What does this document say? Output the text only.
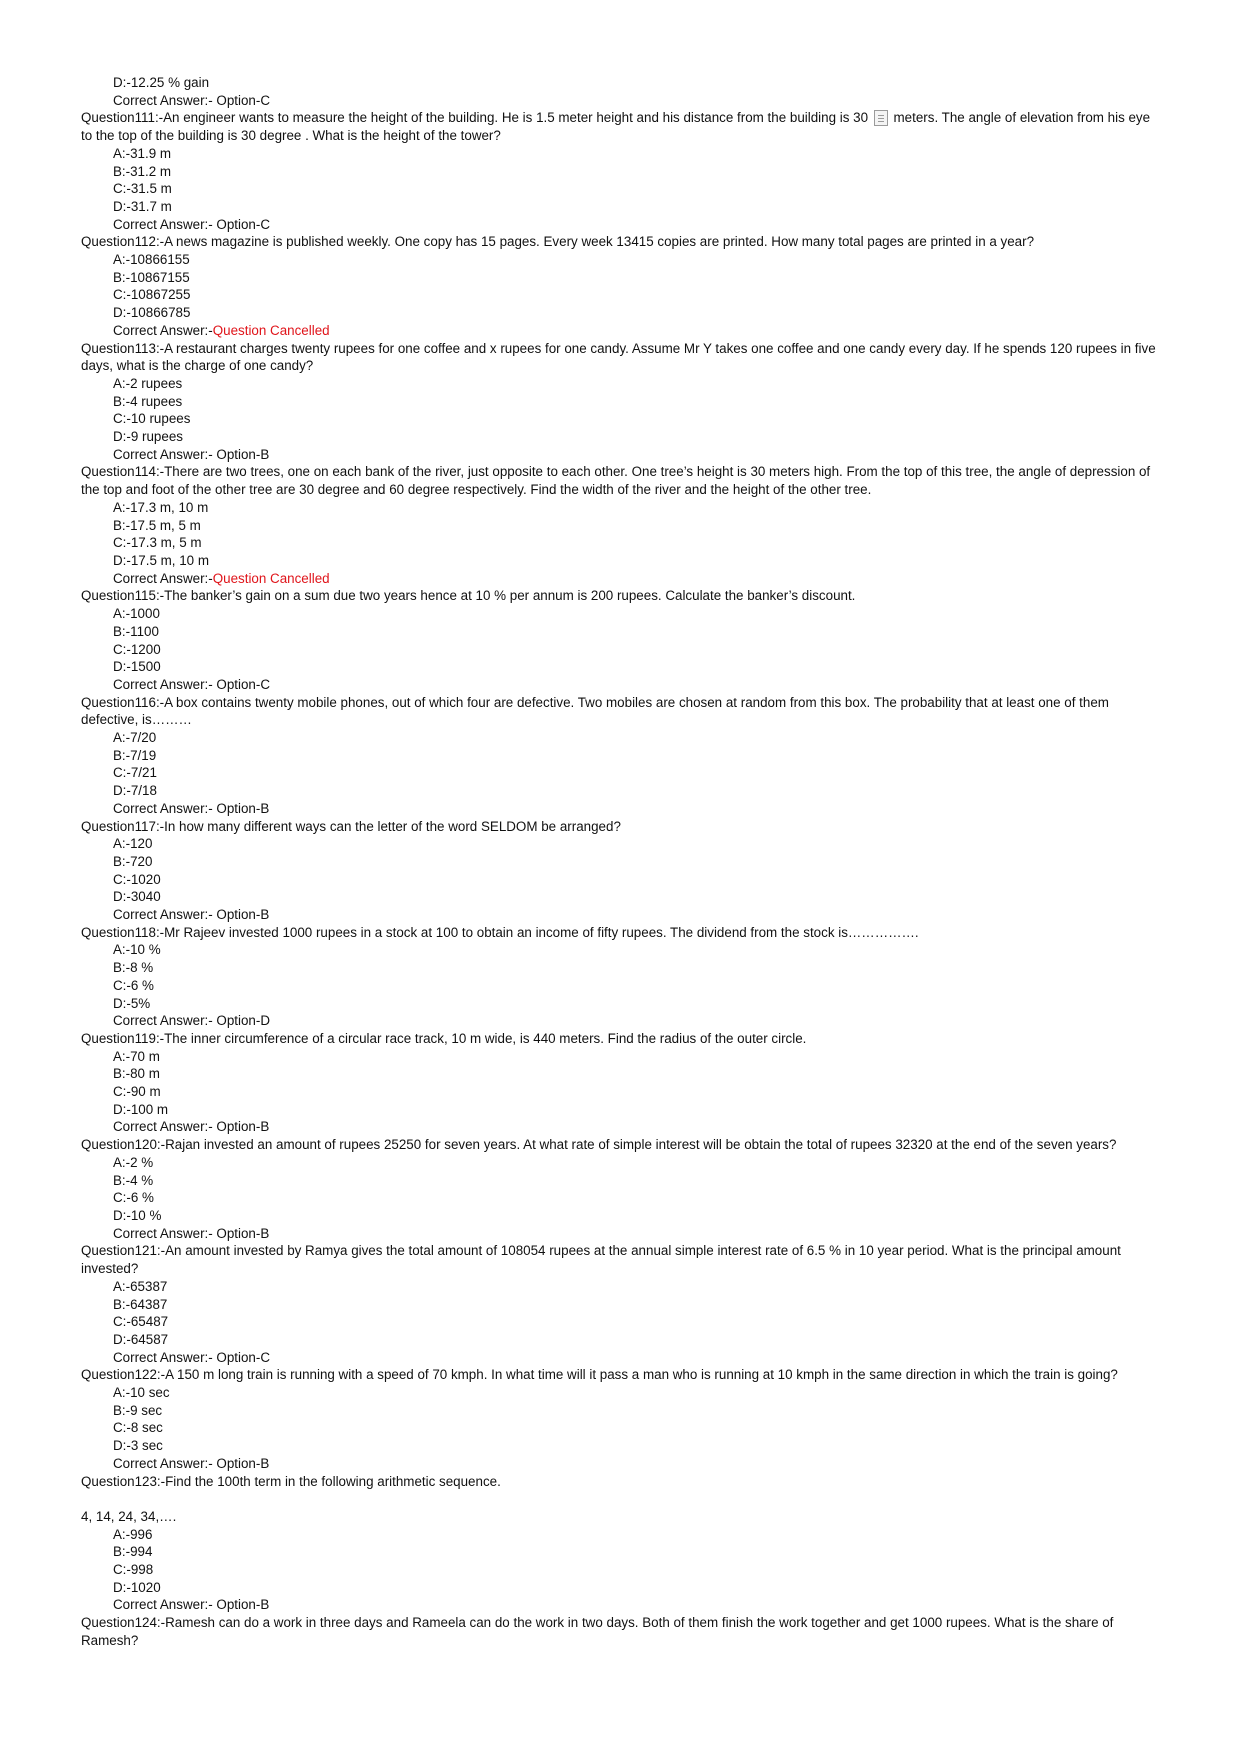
D:-12.25 % gain
Correct Answer:- Option-C
Question111:-An engineer wants to measure the height of the building. He is 1.5 meter height and his distance from the building is 30 meters. The angle of elevation from his eye to the top of the building is 30 degree . What is the height of the tower?
A:-31.9 m
B:-31.2 m
C:-31.5 m
D:-31.7 m
Correct Answer:- Option-C
Question112:-A news magazine is published weekly. One copy has 15 pages. Every week 13415 copies are printed. How many total pages are printed in a year?
A:-10866155
B:-10867155
C:-10867255
D:-10866785
Correct Answer:-Question Cancelled
Question113:-A restaurant charges twenty rupees for one coffee and x rupees for one candy. Assume Mr Y takes one coffee and one candy every day. If he spends 120 rupees in five days, what is the charge of one candy?
A:-2 rupees
B:-4 rupees
C:-10 rupees
D:-9 rupees
Correct Answer:- Option-B
Question114:-There are two trees, one on each bank of the river, just opposite to each other. One tree’s height is 30 meters high. From the top of this tree, the angle of depression of the top and foot of the other tree are 30 degree and 60 degree respectively. Find the width of the river and the height of the other tree.
A:-17.3 m, 10 m
B:-17.5 m, 5 m
C:-17.3 m, 5 m
D:-17.5 m, 10 m
Correct Answer:-Question Cancelled
Question115:-The banker’s gain on a sum due two years hence at 10 % per annum is 200 rupees. Calculate the banker’s discount.
A:-1000
B:-1100
C:-1200
D:-1500
Correct Answer:- Option-C
Question116:-A box contains twenty mobile phones, out of which four are defective. Two mobiles are chosen at random from this box. The probability that at least one of them defective, is………
A:-7/20
B:-7/19
C:-7/21
D:-7/18
Correct Answer:- Option-B
Question117:-In how many different ways can the letter of the word SELDOM be arranged?
A:-120
B:-720
C:-1020
D:-3040
Correct Answer:- Option-B
Question118:-Mr Rajeev invested 1000 rupees in a stock at 100 to obtain an income of fifty rupees. The dividend from the stock is…………….
A:-10 %
B:-8 %
C:-6 %
D:-5%
Correct Answer:- Option-D
Question119:-The inner circumference of a circular race track, 10 m wide, is 440 meters. Find the radius of the outer circle.
A:-70 m
B:-80 m
C:-90 m
D:-100 m
Correct Answer:- Option-B
Question120:-Rajan invested an amount of rupees 25250 for seven years. At what rate of simple interest will be obtain the total of rupees 32320 at the end of the seven years?
A:-2 %
B:-4 %
C:-6 %
D:-10 %
Correct Answer:- Option-B
Question121:-An amount invested by Ramya gives the total amount of 108054 rupees at the annual simple interest rate of 6.5 % in 10 year period. What is the principal amount invested?
A:-65387
B:-64387
C:-65487
D:-64587
Correct Answer:- Option-C
Question122:-A 150 m long train is running with a speed of 70 kmph. In what time will it pass a man who is running at 10 kmph in the same direction in which the train is going?
A:-10 sec
B:-9 sec
C:-8 sec
D:-3 sec
Correct Answer:- Option-B
Question123:-Find the 100th term in the following arithmetic sequence.
4, 14, 24, 34,….
A:-996
B:-994
C:-998
D:-1020
Correct Answer:- Option-B
Question124:-Ramesh can do a work in three days and Rameela can do the work in two days. Both of them finish the work together and get 1000 rupees. What is the share of Ramesh?
